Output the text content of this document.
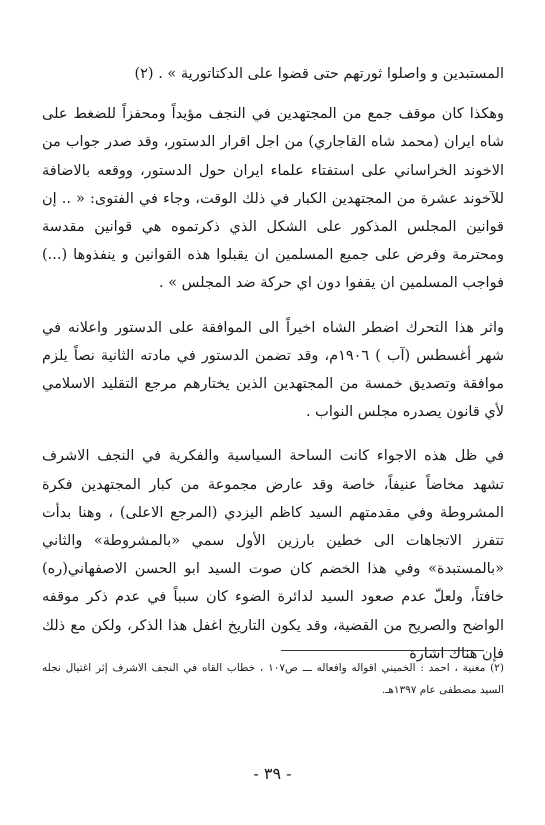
المستبدين و واصلوا ثورتهم حتى قضوا على الدكتاتورية » . (٢)

وهكذا كان موقف جمع من المجتهدين في النجف مؤيداً ومحفزاً للضغط على شاه ايران (محمد شاه القاجاري) من اجل اقرار الدستور، وقد صدر جواب من الاخوند الخراساني على استفتاء علماء ايران حول الدستور، ووقعه بالاضافة للآخوند عشرة من المجتهدين الكبار في ذلك الوقت، وجاء في الفتوى: « .. إن قوانين المجلس المذكور على الشكل الذي ذكرتموه هي قوانين مقدسة ومحترمة وفرض على جميع المسلمين ان يقبلوا هذه القوانين و ينفذوها (...) فواجب المسلمين ان يقفوا دون اي حركة ضد المجلس » .

واثر هذا التحرك اضطر الشاه اخيراً الى الموافقة على الدستور واعلانه في شهر أغسطس (آب ) ١٩٠٦م، وقد تضمن الدستور في مادته الثانية نصاً يلزم موافقة وتصديق خمسة من المجتهدين الذين يختارهم مرجع التقليد الاسلامي لأي قانون يصدره مجلس النواب .

في ظل هذه الاجواء كانت الساحة السياسية والفكرية في النجف الاشرف تشهد مخاضاً عنيفاً، خاصة وقد عارض مجموعة من كبار المجتهدين فكرة المشروطة وفي مقدمتهم السيد كاظم اليزدي (المرجع الاعلى) ، وهنا بدأت تتفرز الاتجاهات الى خطين بارزين الأول سمي «بالمشروطة» والثاني «بالمستبدة» وفي هذا الخضم كان صوت السيد ابو الحسن الاصفهاني(ره) خافتاً، ولعلّ عدم صعود السيد لدائرة الضوء كان سبباً في عدم ذكر موقفه الواضح والصريح من القضية، وقد يكون التاريخ اغفل هذا الذكر، ولكن مع ذلك فإن هناك اشارة

(٢) مغنية ، احمد : الخميني اقواله وافعاله ـــ ص١٠٧ ، خطاب القاه في النجف الاشرف إثر اغتيال نجله السيد مصطفى عام ١٣٩٧هـ.

- ٣٩ -
